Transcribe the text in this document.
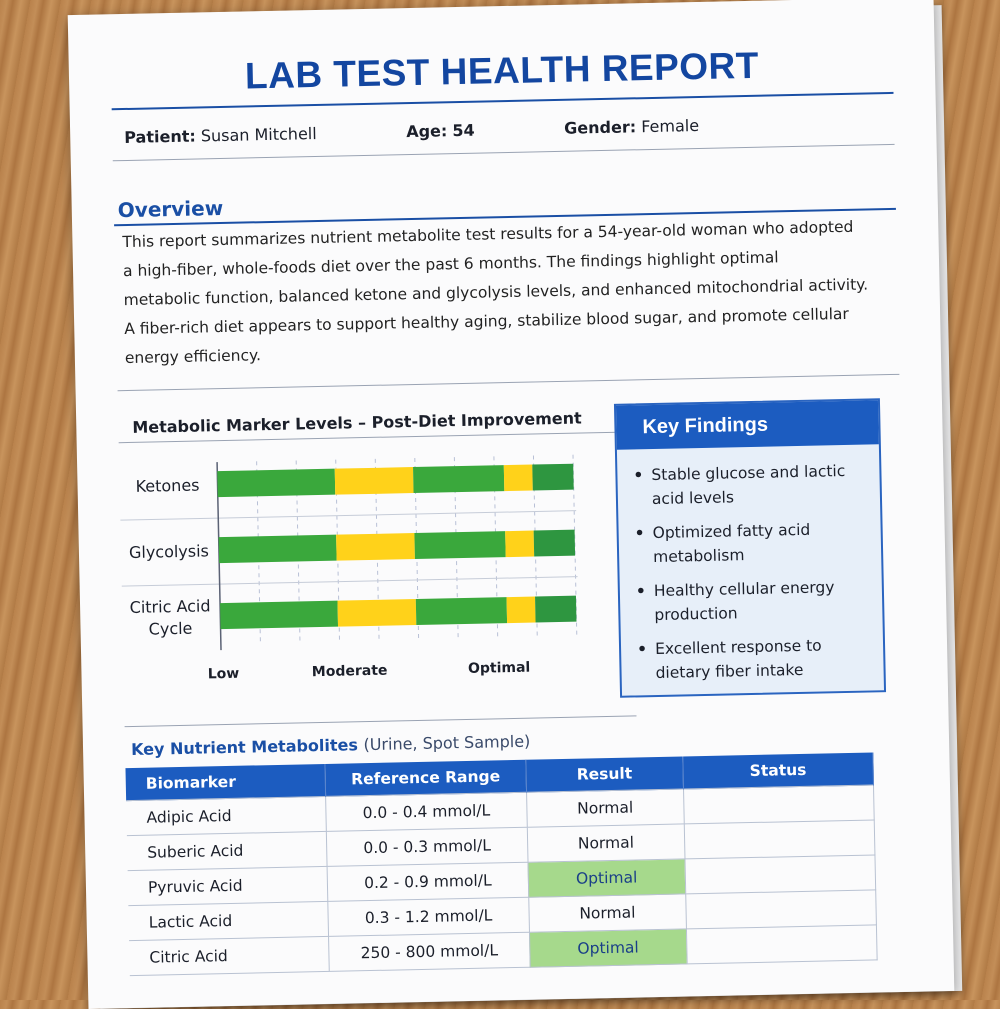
LAB TEST HEALTH REPORT
Patient: Susan Mitchell	Age: 54	Gender: Female
Overview
This report summarizes nutrient metabolite test results for a 54-year-old woman who adopted
a high-fiber, whole-foods diet over the past 6 months. The findings highlight optimal
metabolic function, balanced ketone and glycolysis levels, and enhanced mitochondrial activity.
A fiber-rich diet appears to support healthy aging, stabilize blood sugar, and promote cellular
energy efficiency.
Metabolic Marker Levels – Post-Diet Improvement
Ketones
Glycolysis
Citric Acid
Cycle
Low	Moderate	Optimal
Key Findings
• Stable glucose and lactic acid levels
• Optimized fatty acid metabolism
• Healthy cellular energy production
• Excellent response to dietary fiber intake
Key Nutrient Metabolites (Urine, Spot Sample)
Biomarker	Reference Range	Result	Status
Adipic Acid	0.0 - 0.4 mmol/L	Normal	
Suberic Acid	0.0 - 0.3 mmol/L	Normal	
Pyruvic Acid	0.2 - 0.9 mmol/L	Optimal	
Lactic Acid	0.3 - 1.2 mmol/L	Normal	
Citric Acid	250 - 800 mmol/L	Optimal	
